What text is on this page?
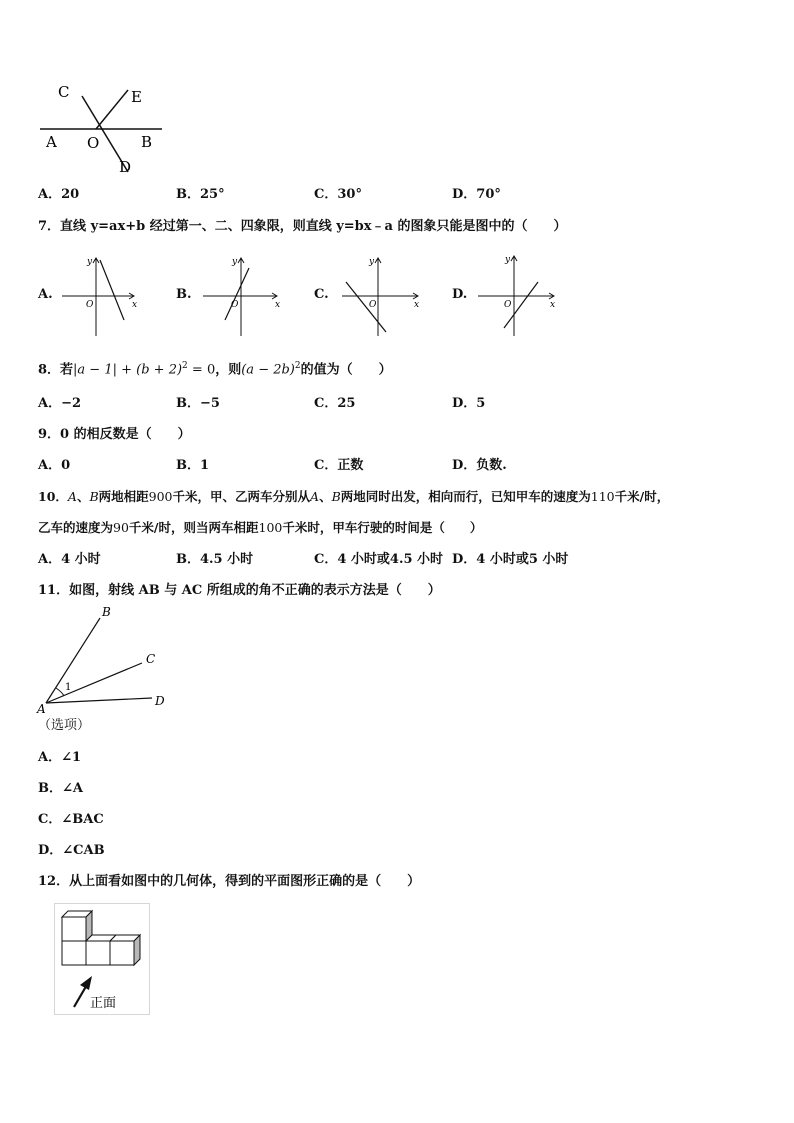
C	E
A O	B
D
A．20	B．25°	C．30°	D．70°
7．直线 y=ax+b 经过第一、二、四象限，则直线 y=bx﹣a 的图象只能是图中的（　　）
A.
y
x
O
B.
y
x
O
C.
y
x
O
D.
y
x
O
8．若$|a - 1| + (b + 2)^2 = 0$，则$(a - 2b)^2$的值为（　　）
A．−2	B．−5	C．25	D．5
9．0 的相反数是（　　）
A．0	B．1	C．正数	D．负数.
10．A、B两地相距900千米，甲、乙两车分别从A、B两地同时出发，相向而行，已知甲车的速度为110千米/时，
乙车的速度为90千米/时，则当两车相距100千米时，甲车行驶的时间是（　　）
A．4 小时	B．4.5 小时	C．4 小时或4.5 小时 D．4 小时或5 小时
11．如图，射线 AB 与 AC 所组成的角不正确的表示方法是（　　）
B
C
A
D
1
（选项）
A．∠1
B．∠A
C．∠BAC
D．∠CAB
12．从上面看如图中的几何体，得到的平面图形正确的是（　　）
正面
